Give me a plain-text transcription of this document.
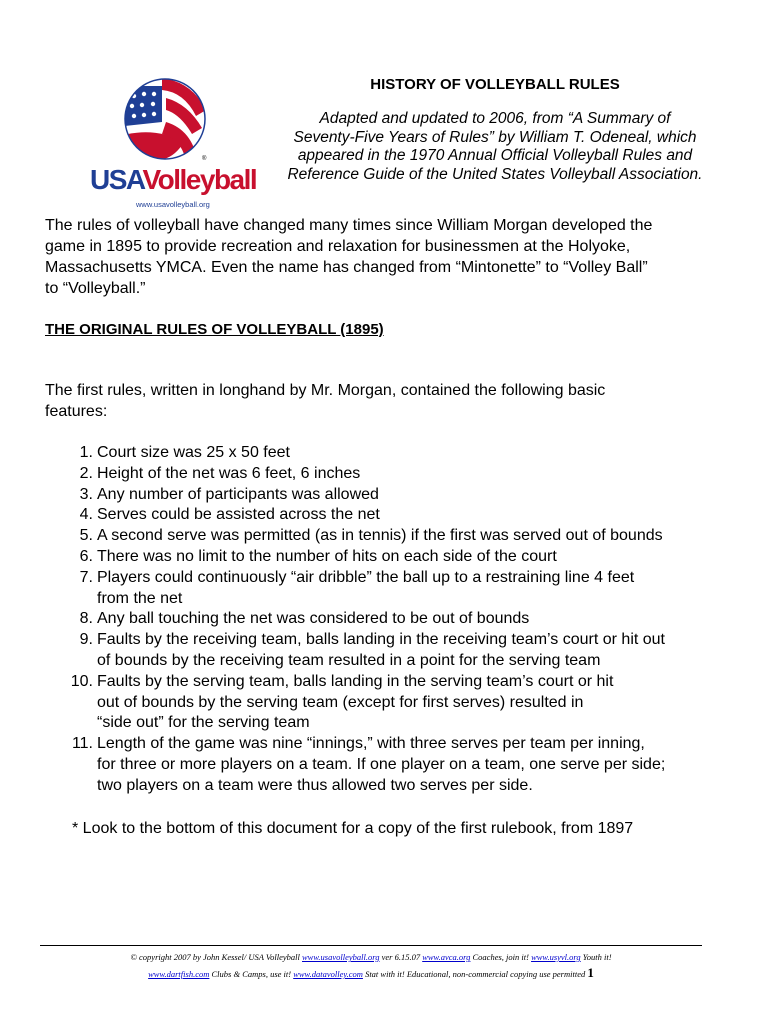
®
USAVolleyball
www.usavolleyball.org
HISTORY OF VOLLEYBALL RULES
Adapted and updated to 2006, from “A Summary of
Seventy-Five Years of Rules” by William T. Odeneal, which
appeared in the 1970 Annual Official Volleyball Rules and
Reference Guide of the United States Volleyball Association.
The rules of volleyball have changed many times since William Morgan developed the
game in 1895 to provide recreation and relaxation for businessmen at the Holyoke,
Massachusetts YMCA. Even the name has changed from “Mintonette” to “Volley Ball”
to “Volleyball.”
THE ORIGINAL RULES OF VOLLEYBALL (1895)
The first rules, written in longhand by Mr. Morgan, contained the following basic
features:
1. Court size was 25 x 50 feet
2. Height of the net was 6 feet, 6 inches
3. Any number of participants was allowed
4. Serves could be assisted across the net
5. A second serve was permitted (as in tennis) if the first was served out of bounds
6. There was no limit to the number of hits on each side of the court
7. Players could continuously “air dribble” the ball up to a restraining line 4 feet
from the net
8. Any ball touching the net was considered to be out of bounds
9. Faults by the receiving team, balls landing in the receiving team’s court or hit out
of bounds by the receiving team resulted in a point for the serving team
10. Faults by the serving team, balls landing in the serving team’s court or hit
out of bounds by the serving team (except for first serves) resulted in
“side out” for the serving team
11. Length of the game was nine “innings,” with three serves per team per inning,
for three or more players on a team. If one player on a team, one serve per side;
two players on a team were thus allowed two serves per side.
* Look to the bottom of this document for a copy of the first rulebook, from 1897
© copyright 2007 by John Kessel/ USA Volleyball www.usavolleyball.org ver 6.15.07 www.avca.org Coaches, join it! www.usyvl.org Youth it!
www.dartfish.com Clubs & Camps, use it! www.datavolley.com Stat with it! Educational, non-commercial copying use permitted 1
